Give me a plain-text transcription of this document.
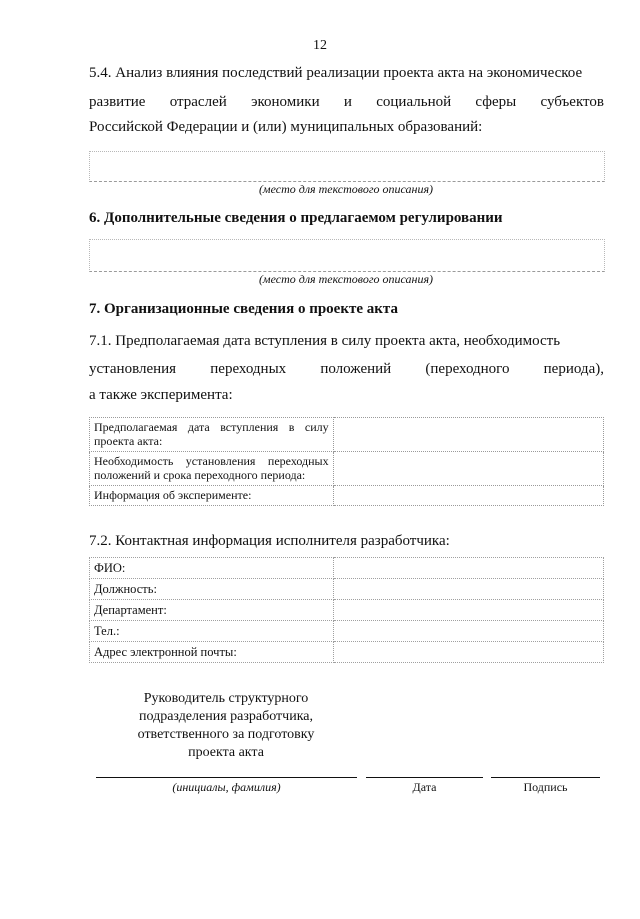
12
5.4. Анализ влияния последствий реализации проекта акта на экономическое
развитие отраслей экономики и социальной сферы субъектов
Российской Федерации и (или) муниципальных образований:
(место для текстового описания)
6. Дополнительные сведения о предлагаемом регулировании
(место для текстового описания)
7. Организационные сведения о проекте акта
7.1. Предполагаемая дата вступления в силу проекта акта, необходимость
установления переходных положений (переходного периода),
а также эксперимента:
Предполагаемая дата вступления в силу проекта акта:	
Необходимость установления переходных положений и срока переходного периода:	
Информация об эксперименте:	
7.2. Контактная информация исполнителя разработчика:
ФИО:	
Должность:	
Департамент:	
Тел.:	
Адрес электронной почты:	
Руководитель структурного
подразделения разработчика,
ответственного за подготовку
проекта акта
(инициалы, фамилия)	Дата	Подпись
